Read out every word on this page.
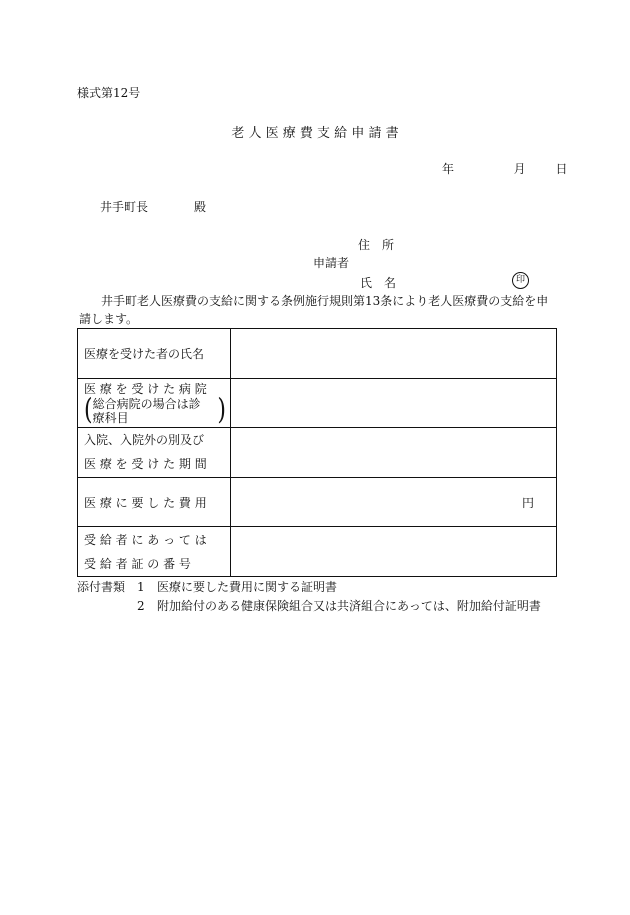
様式第12号
老 人 医 療 費 支 給 申 請 書
年	月 日
井手町長	殿
住　所
申請者
氏　名	印
井手町老人医療費の支給に関する条例施行規則第13条により老人医療費の支給を申請します。
医療を受けた者の氏名	

医 療 を 受 け た 病 院
( 総合病院の場合は診
療科目 )	

入院、入院外の別及び
医 療 を 受 け た 期 間	

医 療 に 要 し た 費 用	円

受 給 者 に あ っ て は
受 給 者 証 の 番 号	

添付書類 1	医療に要した費用に関する証明書
2	附加給付のある健康保険組合又は共済組合にあっては、附加給付証明書
